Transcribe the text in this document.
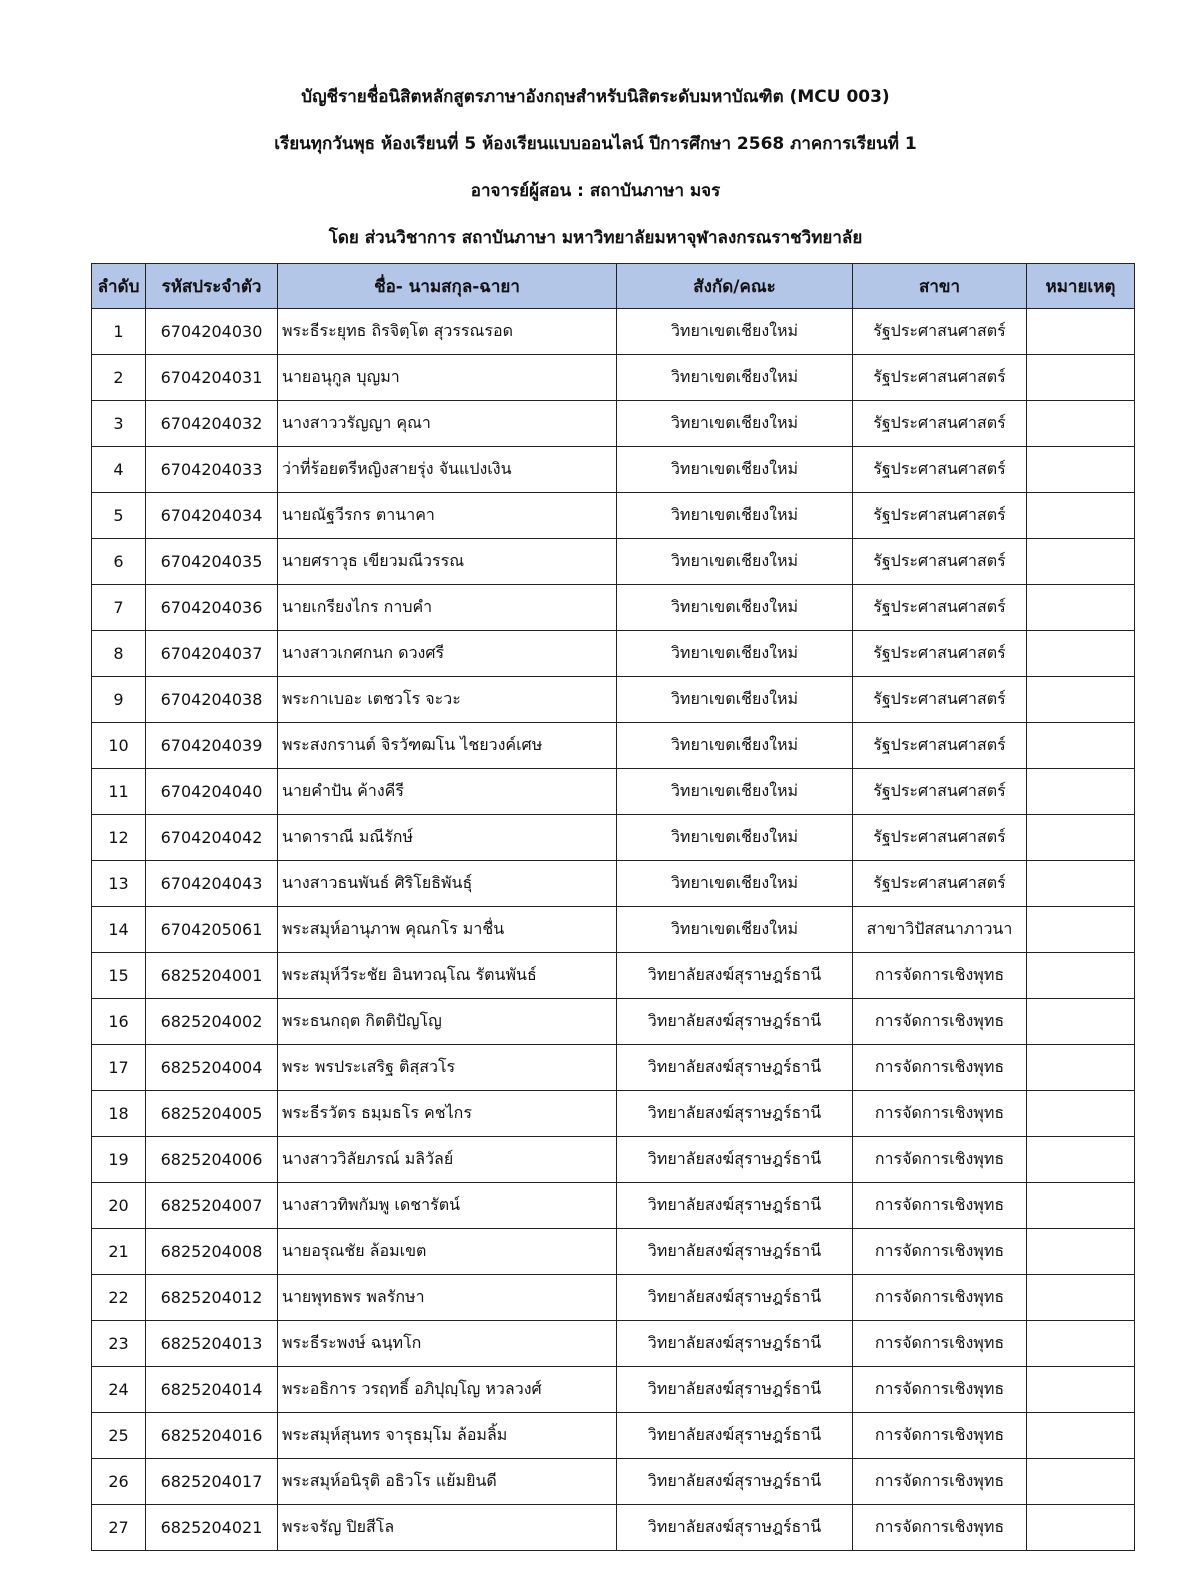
บัญชีรายชื่อนิสิตหลักสูตรภาษาอังกฤษสำหรับนิสิตระดับมหาบัณฑิต (MCU 003)
เรียนทุกวันพุธ ห้องเรียนที่ 5 ห้องเรียนแบบออนไลน์ ปีการศึกษา 2568 ภาคการเรียนที่ 1
อาจารย์ผู้สอน : สถาบันภาษา มจร
โดย ส่วนวิชาการ สถาบันภาษา มหาวิทยาลัยมหาจุฬาลงกรณราชวิทยาลัย
ลำดับ	รหัสประจำตัว	ชื่อ- นามสกุล-ฉายา	สังกัด/คณะ	สาขา	หมายเหตุ
1	6704204030	พระธีระยุทธ ถิรจิตฺโต สุวรรณรอด	วิทยาเขตเชียงใหม่	รัฐประศาสนศาสตร์	
2	6704204031	นายอนุกูล บุญมา	วิทยาเขตเชียงใหม่	รัฐประศาสนศาสตร์	
3	6704204032	นางสาววรัญญา คุณา	วิทยาเขตเชียงใหม่	รัฐประศาสนศาสตร์	
4	6704204033	ว่าที่ร้อยตรีหญิงสายรุ่ง จันแปงเงิน	วิทยาเขตเชียงใหม่	รัฐประศาสนศาสตร์	
5	6704204034	นายณัฐวีรกร ตานาคา	วิทยาเขตเชียงใหม่	รัฐประศาสนศาสตร์	
6	6704204035	นายศราวุธ เขียวมณีวรรณ	วิทยาเขตเชียงใหม่	รัฐประศาสนศาสตร์	
7	6704204036	นายเกรียงไกร กาบคำ	วิทยาเขตเชียงใหม่	รัฐประศาสนศาสตร์	
8	6704204037	นางสาวเกศกนก ดวงศรี	วิทยาเขตเชียงใหม่	รัฐประศาสนศาสตร์	
9	6704204038	พระกาเบอะ เตชวโร จะวะ	วิทยาเขตเชียงใหม่	รัฐประศาสนศาสตร์	
10	6704204039	พระสงกรานต์ จิรวัฑฒโน ไชยวงค์เศษ	วิทยาเขตเชียงใหม่	รัฐประศาสนศาสตร์	
11	6704204040	นายคำปัน ค้างคีรี	วิทยาเขตเชียงใหม่	รัฐประศาสนศาสตร์	
12	6704204042	นาดาราณี มณีรักษ์	วิทยาเขตเชียงใหม่	รัฐประศาสนศาสตร์	
13	6704204043	นางสาวธนพันธ์ ศิริโยธิพันธุ์	วิทยาเขตเชียงใหม่	รัฐประศาสนศาสตร์	
14	6704205061	พระสมุห์อานุภาพ คุณกโร มาชื่น	วิทยาเขตเชียงใหม่	สาขาวิปัสสนาภาวนา	
15	6825204001	พระสมุห์วีระชัย อินทวณฺโณ รัตนพันธ์	วิทยาลัยสงฆ์สุราษฎร์ธานี	การจัดการเชิงพุทธ	
16	6825204002	พระธนกฤต กิตติปัญโญ	วิทยาลัยสงฆ์สุราษฎร์ธานี	การจัดการเชิงพุทธ	
17	6825204004	พระ พรประเสริฐ ติสฺสวโร	วิทยาลัยสงฆ์สุราษฎร์ธานี	การจัดการเชิงพุทธ	
18	6825204005	พระธีรวัตร ธมฺมธโร คชไกร	วิทยาลัยสงฆ์สุราษฎร์ธานี	การจัดการเชิงพุทธ	
19	6825204006	นางสาววิลัยภรณ์ มลิวัลย์	วิทยาลัยสงฆ์สุราษฎร์ธานี	การจัดการเชิงพุทธ	
20	6825204007	นางสาวทิพกัมพู เดชารัตน์	วิทยาลัยสงฆ์สุราษฎร์ธานี	การจัดการเชิงพุทธ	
21	6825204008	นายอรุณชัย ล้อมเขต	วิทยาลัยสงฆ์สุราษฎร์ธานี	การจัดการเชิงพุทธ	
22	6825204012	นายพุทธพร พลรักษา	วิทยาลัยสงฆ์สุราษฎร์ธานี	การจัดการเชิงพุทธ	
23	6825204013	พระธีระพงษ์ ฉนฺทโก	วิทยาลัยสงฆ์สุราษฎร์ธานี	การจัดการเชิงพุทธ	
24	6825204014	พระอธิการ วรฤทธิ์ อภิปุญฺโญ หวลวงศ์	วิทยาลัยสงฆ์สุราษฎร์ธานี	การจัดการเชิงพุทธ	
25	6825204016	พระสมุห์สุนทร จารุธมฺโม ล้อมลิ้ม	วิทยาลัยสงฆ์สุราษฎร์ธานี	การจัดการเชิงพุทธ	
26	6825204017	พระสมุห์อนิรุติ อธิวโร แย้มยินดี	วิทยาลัยสงฆ์สุราษฎร์ธานี	การจัดการเชิงพุทธ	
27	6825204021	พระจรัญ ปิยสีโล	วิทยาลัยสงฆ์สุราษฎร์ธานี	การจัดการเชิงพุทธ	
